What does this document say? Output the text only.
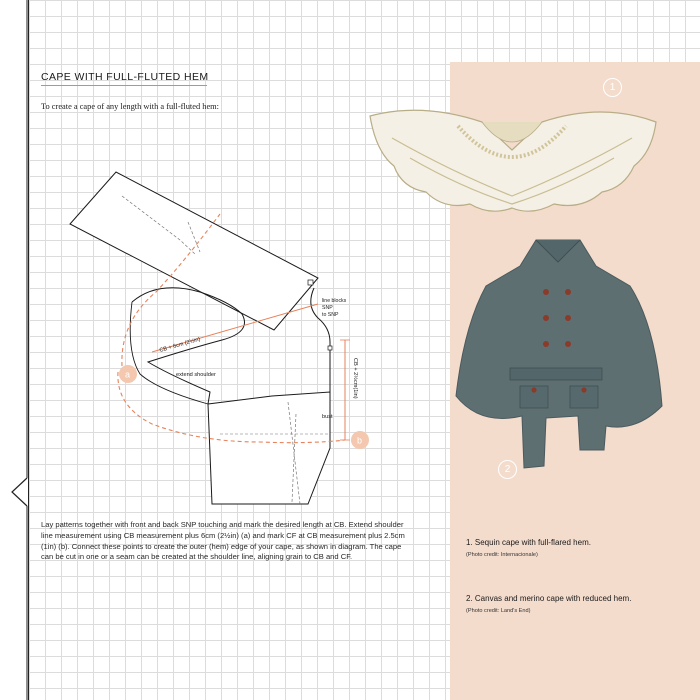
CAPE WITH FULL-FLUTED HEM

To create a cape of any length with a full-fluted hem:

line blocks
SNP
to SNP
CB + 6cm (2½in)
extend shoulder	CB + 2½cm(1in)
bust
a
b

Lay patterns together with front and back SNP touching and mark the desired length at CB. Extend shoulder line measurement using CB measurement plus 6cm (2½in) (a) and mark CF at CB measurement plus 2.5cm (1in) (b). Connect these points to create the outer (hem) edge of your cape, as shown in diagram. The cape can be cut in one or a seam can be created at the shoulder line, aligning grain to CB and CF.

1
2

1. Sequin cape with full-flared hem.

(Photo credit: Internacionale)

2. Canvas and merino cape with reduced hem.

(Photo credit: Land's End)
